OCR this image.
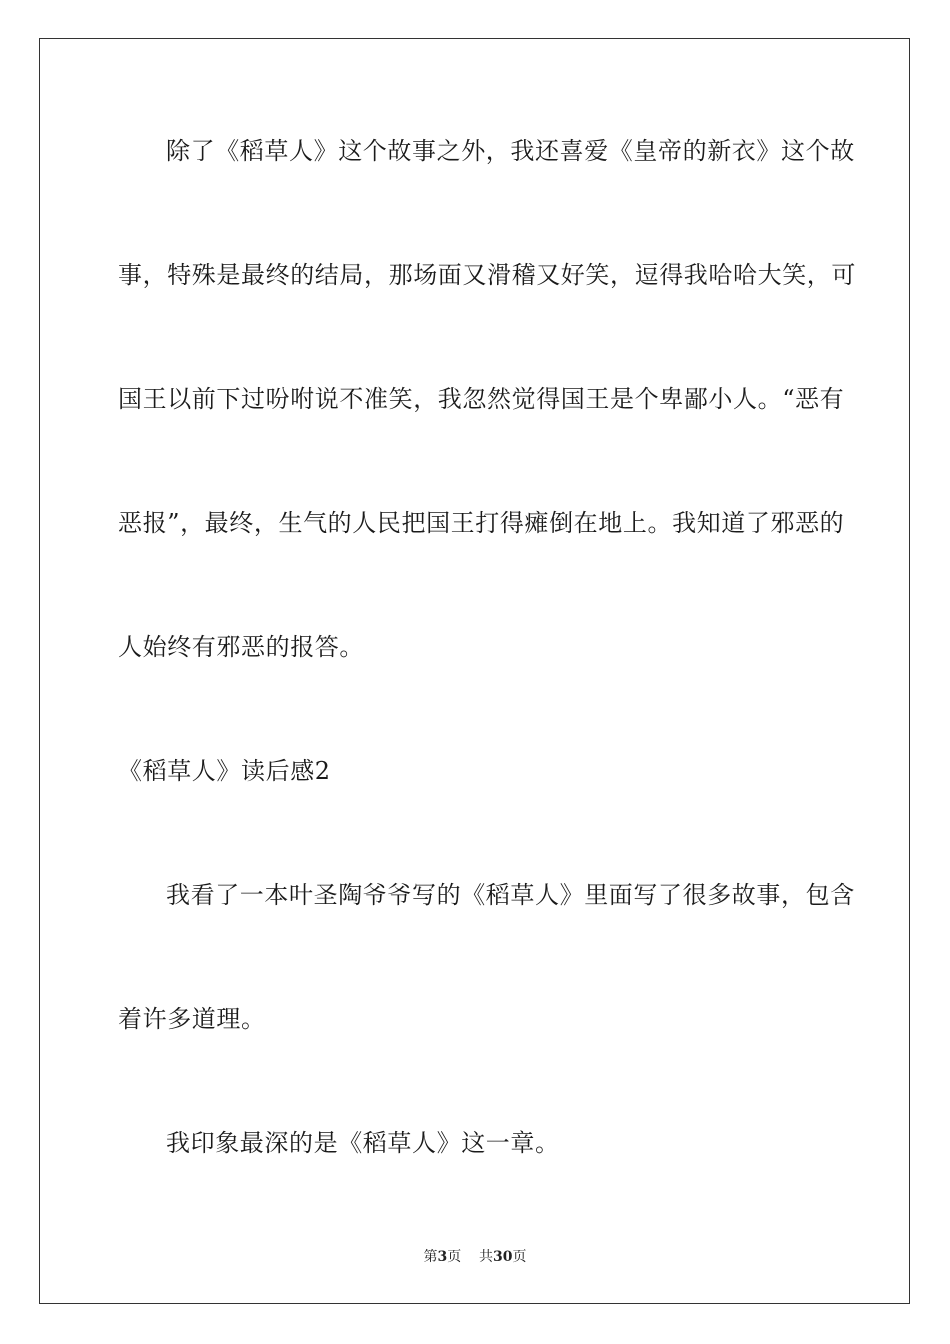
除了《稻草人》这个故事之外，我还喜爱《皇帝的新衣》这个故
事，特殊是最终的结局，那场面又滑稽又好笑，逗得我哈哈大笑，可
国王以前下过吩咐说不准笑，我忽然觉得国王是个卑鄙小人。“恶有
恶报”，最终，生气的人民把国王打得瘫倒在地上。我知道了邪恶的
人始终有邪恶的报答。
《稻草人》读后感2
我看了一本叶圣陶爷爷写的《稻草人》里面写了很多故事，包含
着许多道理。
我印象最深的是《稻草人》这一章。
第3页 共30页
